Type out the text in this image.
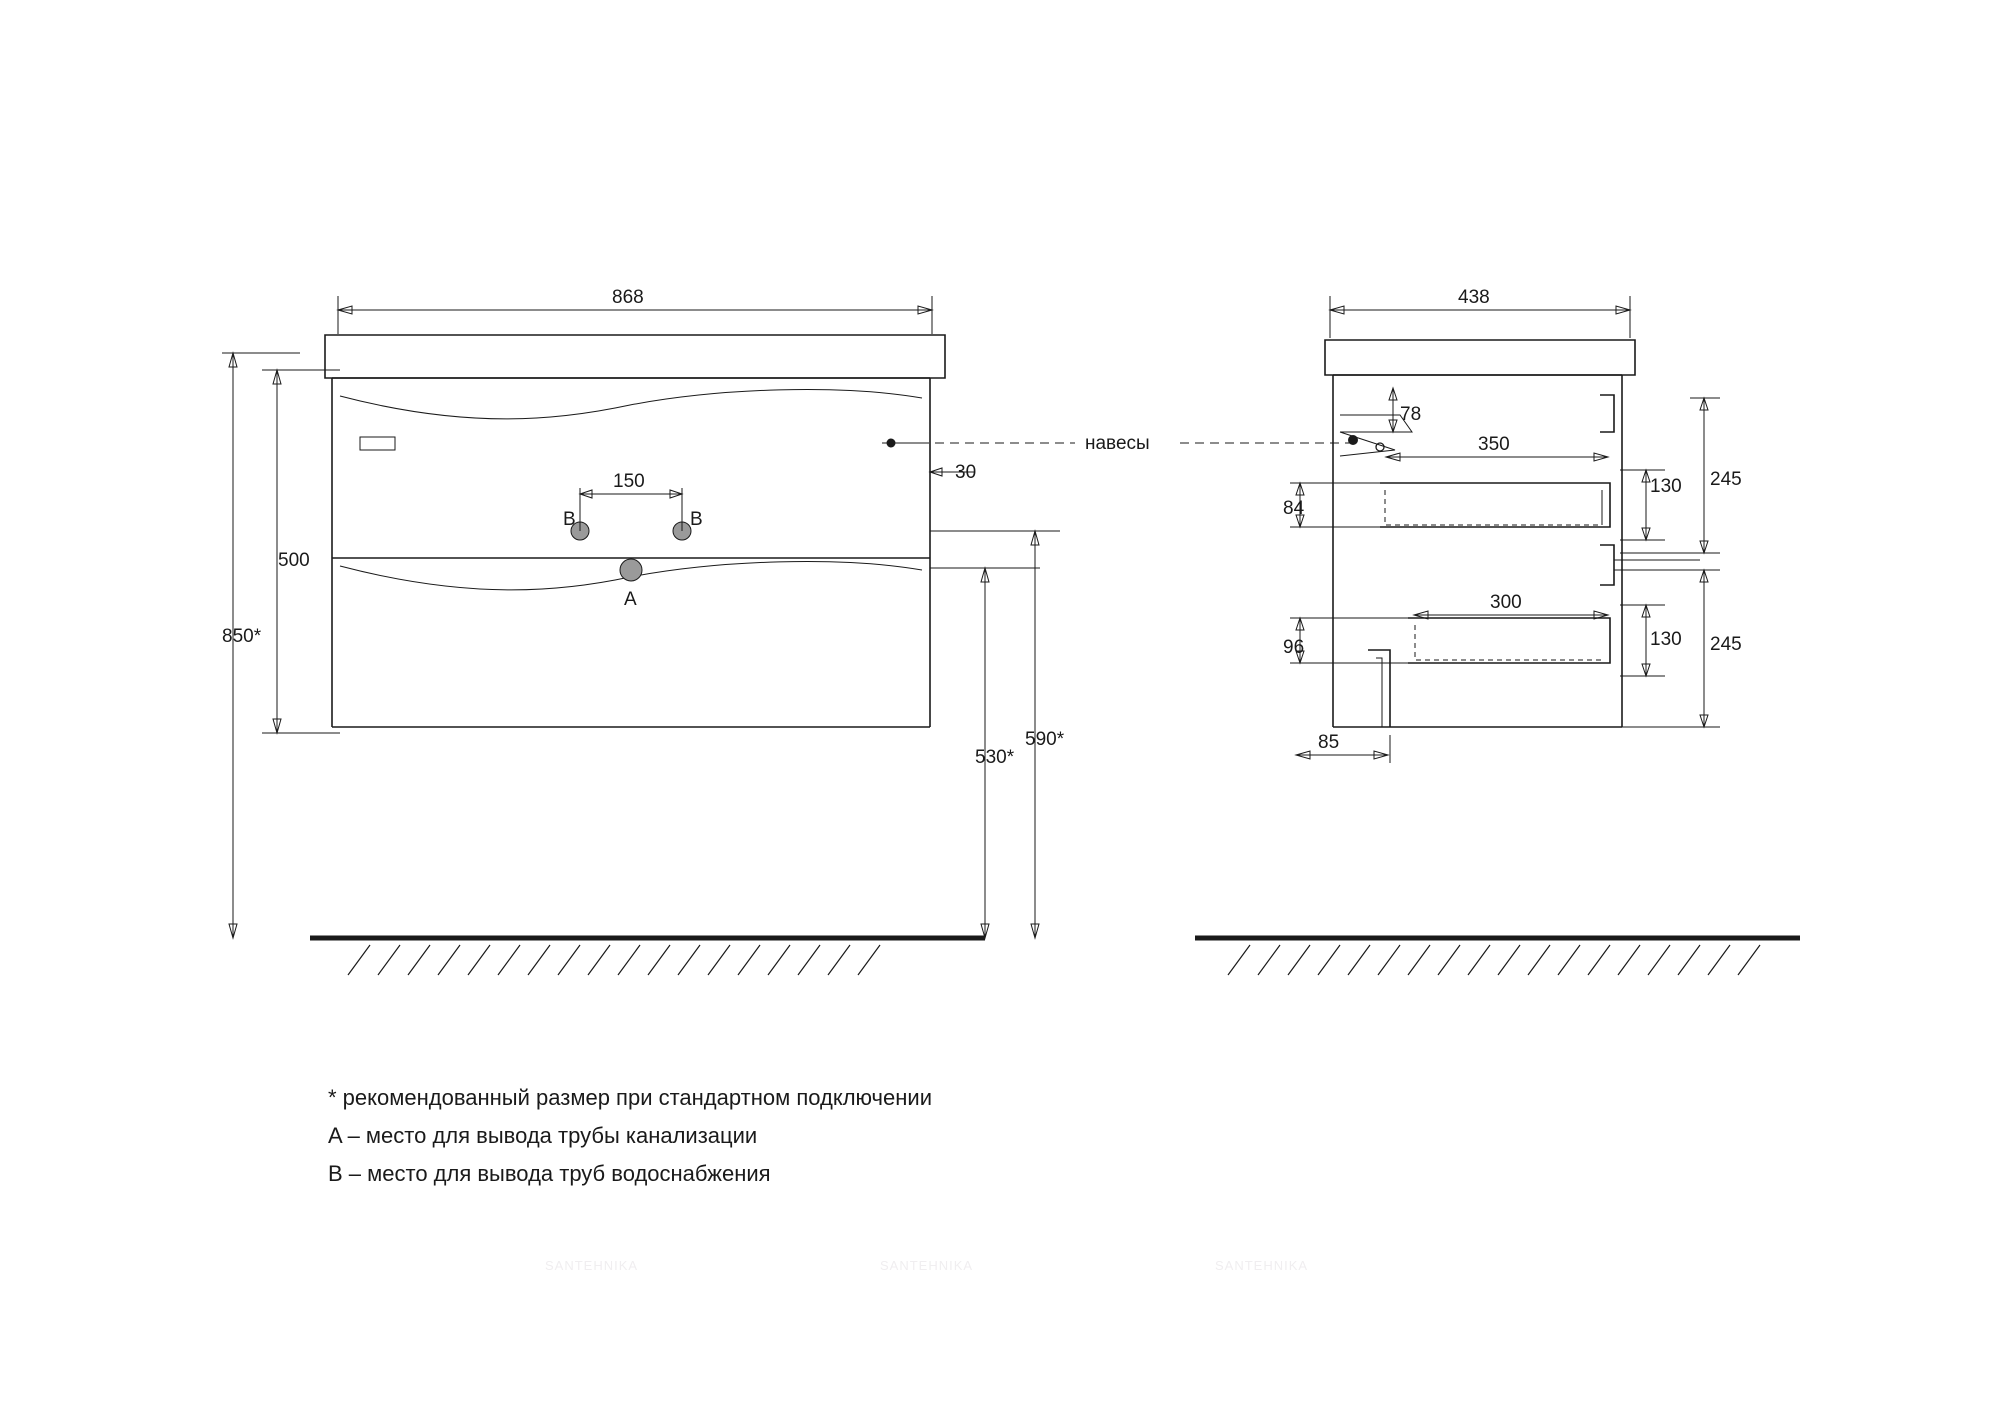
B	B
150
A
868
30
500
850*
530*
590*
навесы
438
78
350
84
130 245
300
96	130 245
85
* рекомендованный размер при стандартном подключении
A – место для вывода трубы канализации
B – место для вывода труб водоснабжения
SANTEHNIKA	SANTEHNIKA	SANTEHNIKA
